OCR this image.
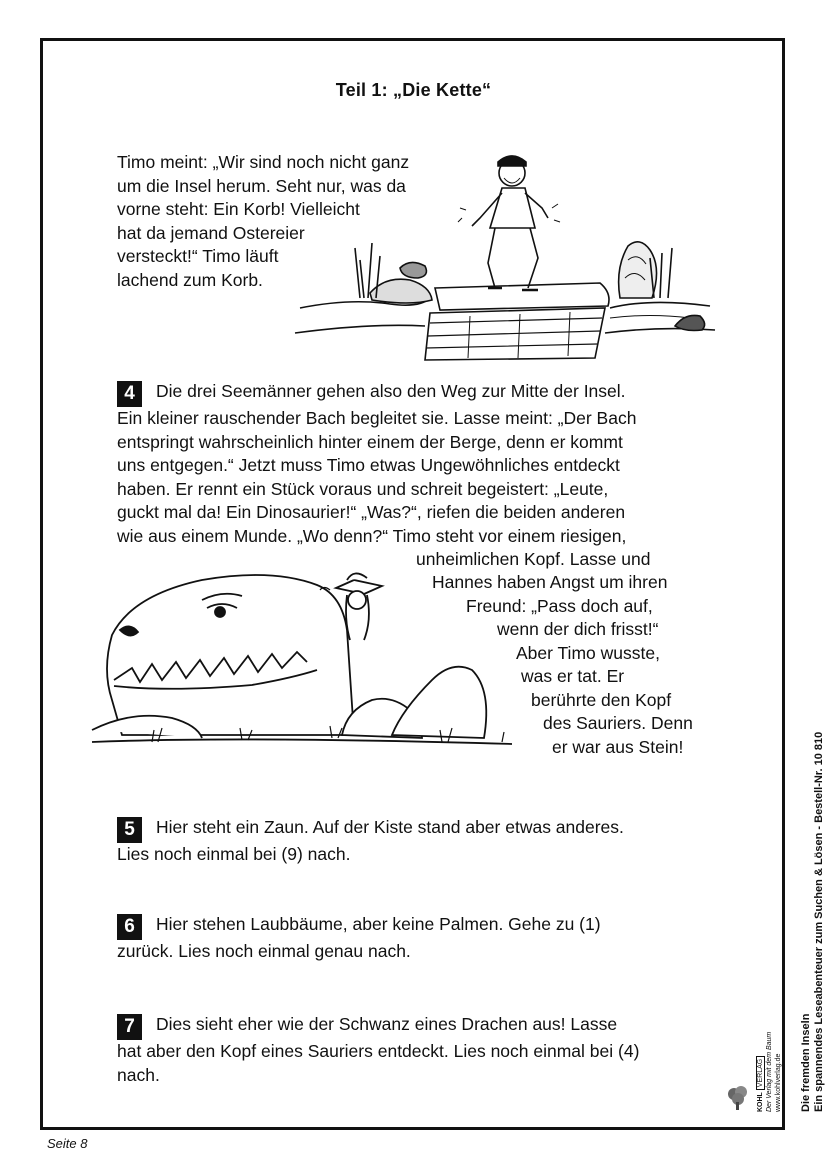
Teil 1: „Die Kette“
Timo meint: „Wir sind noch nicht ganz
um die Insel herum. Seht nur, was da
vorne steht: Ein Korb! Vielleicht
hat da jemand Ostereier
versteckt!“ Timo läuft
lachend zum Korb.
4 Die drei Seemänner gehen also den Weg zur Mitte der Insel.
Ein kleiner rauschender Bach begleitet sie. Lasse meint: „Der Bach
entspringt wahrscheinlich hinter einem der Berge, denn er kommt
uns entgegen.“ Jetzt muss Timo etwas Ungewöhnliches entdeckt
haben. Er rennt ein Stück voraus und schreit begeistert: „Leute,
guckt mal da! Ein Dinosaurier!“ „Was?“, riefen die beiden anderen
wie aus einem Munde. „Wo denn?“ Timo steht vor einem riesigen,
unheimlichen Kopf. Lasse und
Hannes haben Angst um ihren
Freund: „Pass doch auf,
wenn der dich frisst!“
Aber Timo wusste,
was er tat. Er
berührte den Kopf
des Sauriers. Denn
er war aus Stein!
5 Hier steht ein Zaun. Auf der Kiste stand aber etwas anderes.
Lies noch einmal bei (9) nach.
6 Hier stehen Laubbäume, aber keine Palmen. Gehe zu (1)
zurück. Lies noch einmal genau nach.
7 Dies sieht eher wie der Schwanz eines Drachen aus! Lasse
hat aber den Kopf eines Sauriers entdeckt. Lies noch einmal bei (4)
nach.	Die fremden Inseln Ein spannendes Leseabenteuer zum Suchen & Lösen - Bestell-Nr. 10 810
KOHL VERLAG Der Verlag mit dem Baum www.kohlverlag.de
Seite 8
